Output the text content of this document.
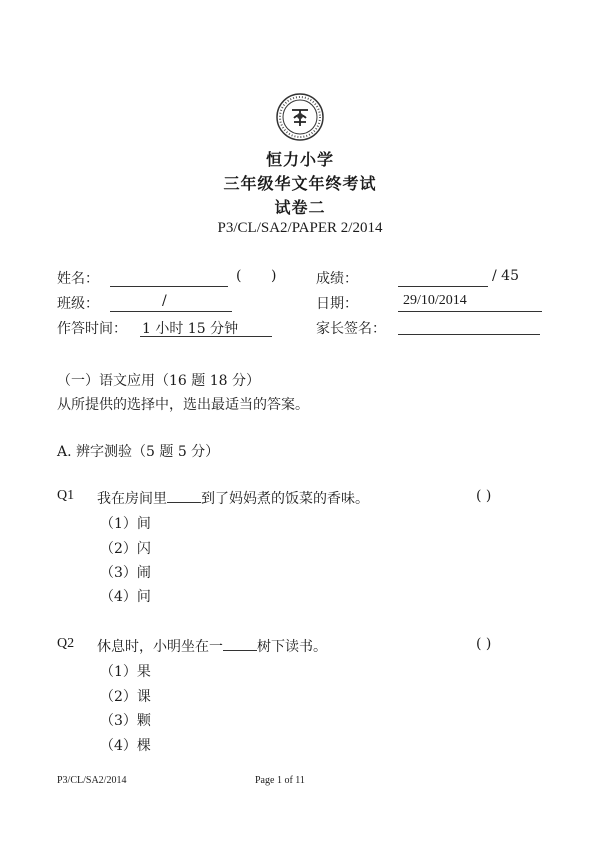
恒力小学
三年级华文年终考试
试卷二
P3/CL/SA2/PAPER 2/2014
姓名：	( )	成绩：	/ 45
班级：	/	日期：	29/10/2014
作答时间： 1 小时 15 分钟	家长签名：
（一）语文应用（16 题 18 分）
从所提供的选择中，选出最适当的答案。
A. 辨字测验（5 题 5 分）
Q1 我在房间里 到了妈妈煮的饭菜的香味。	( )
（1）间
（2）闪
（3）闹
（4）问
Q2 休息时，小明坐在一 树下读书。	( )
（1）果
（2）课
（3）颗
（4）棵
P3/CL/SA2/2014	Page 1 of 11
